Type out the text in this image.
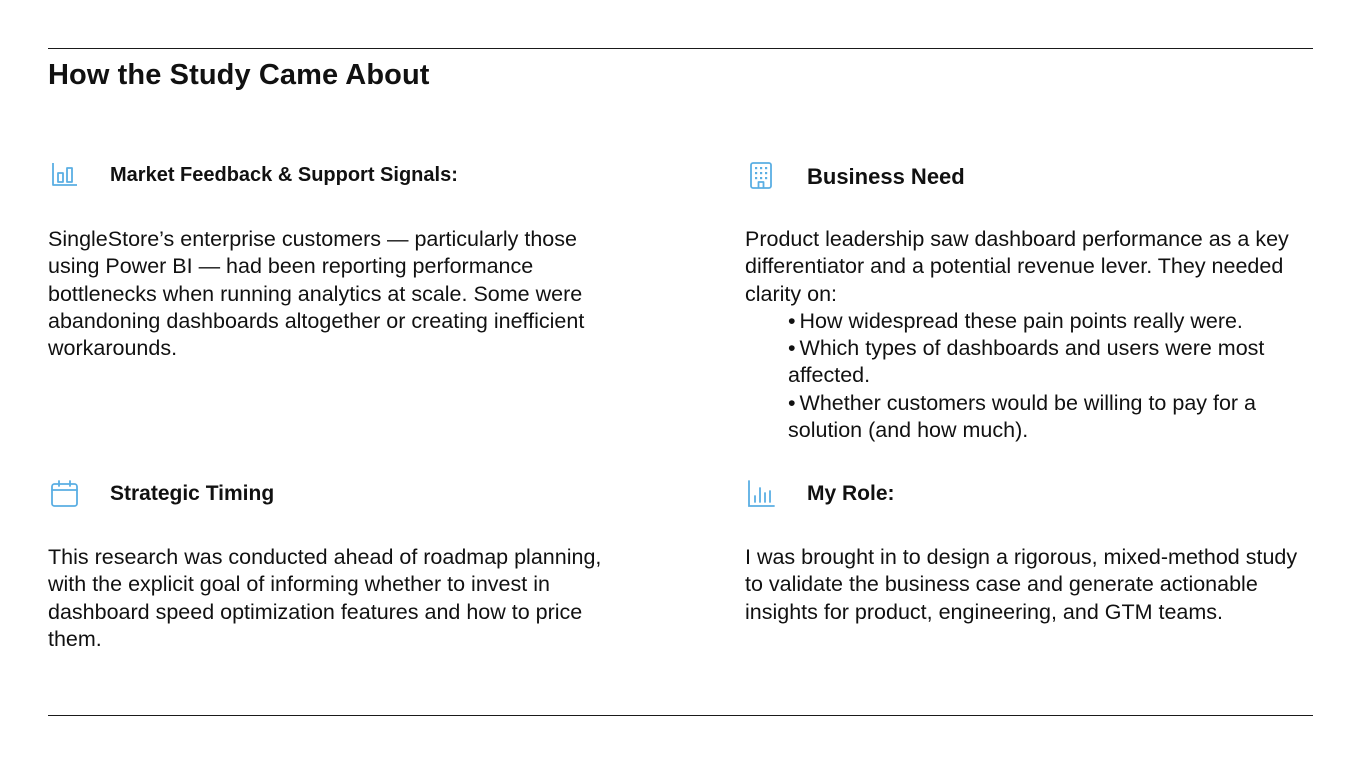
How the Study Came About
Market Feedback & Support Signals:

SingleStore’s enterprise customers — particularly those using Power BI — had been reporting performance bottlenecks when running analytics at scale. Some were abandoning dashboards altogether or creating inefficient workarounds.

Business Need
Product leadership saw dashboard performance as a key differentiator and a potential revenue lever. They needed clarity on:
• How widespread these pain points really were.
• Which types of dashboards and users were most affected.
• Whether customers would be willing to pay for a solution (and how much).
Strategic Timing

This research was conducted ahead of roadmap planning, with the explicit goal of informing whether to invest in dashboard speed optimization features and how to price them.

My Role:

I was brought in to design a rigorous, mixed-method study to validate the business case and generate actionable insights for product, engineering, and GTM teams.
